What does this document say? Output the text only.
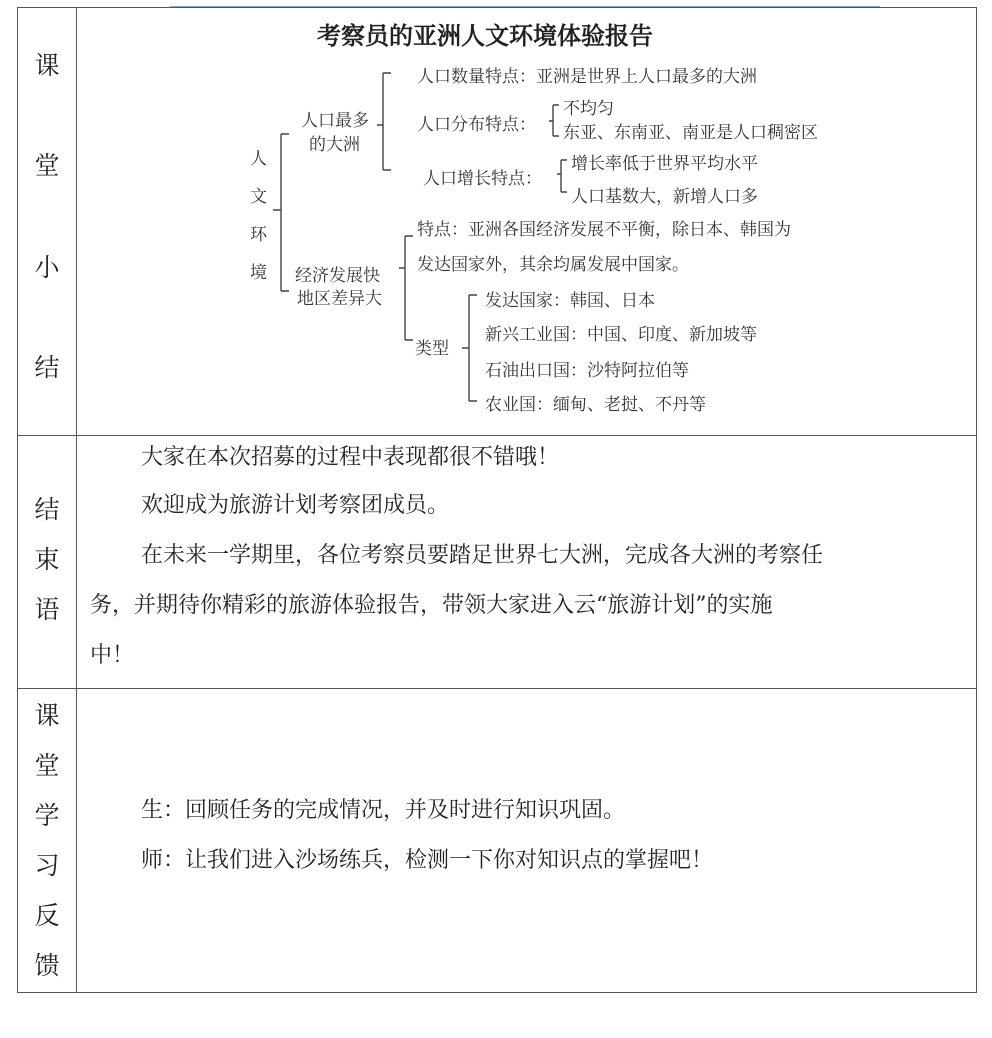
课
堂
小
结
结
束
语
课
堂
学
习
反
馈
考察员的亚洲人文环境体验报告
人
文
环
境
人口最多
的大洲
人口数量特点：亚洲是世界上人口最多的大洲
人口分布特点：
不均匀
东亚、东南亚、南亚是人口稠密区
人口增长特点：
增长率低于世界平均水平
人口基数大，新增人口多
经济发展快
地区差异大
特点：亚洲各国经济发展不平衡，除日本、韩国为
发达国家外，其余均属发展中国家。
类型
发达国家：韩国、日本
新兴工业国：中国、印度、新加坡等
石油出口国：沙特阿拉伯等
农业国：缅甸、老挝、不丹等
大家在本次招募的过程中表现都很不错哦！
欢迎成为旅游计划考察团成员。
在未来一学期里，各位考察员要踏足世界七大洲，完成各大洲的考察任
务，并期待你精彩的旅游体验报告，带领大家进入云“旅游计划”的实施
中！
生：回顾任务的完成情况，并及时进行知识巩固。
师：让我们进入沙场练兵，检测一下你对知识点的掌握吧！
